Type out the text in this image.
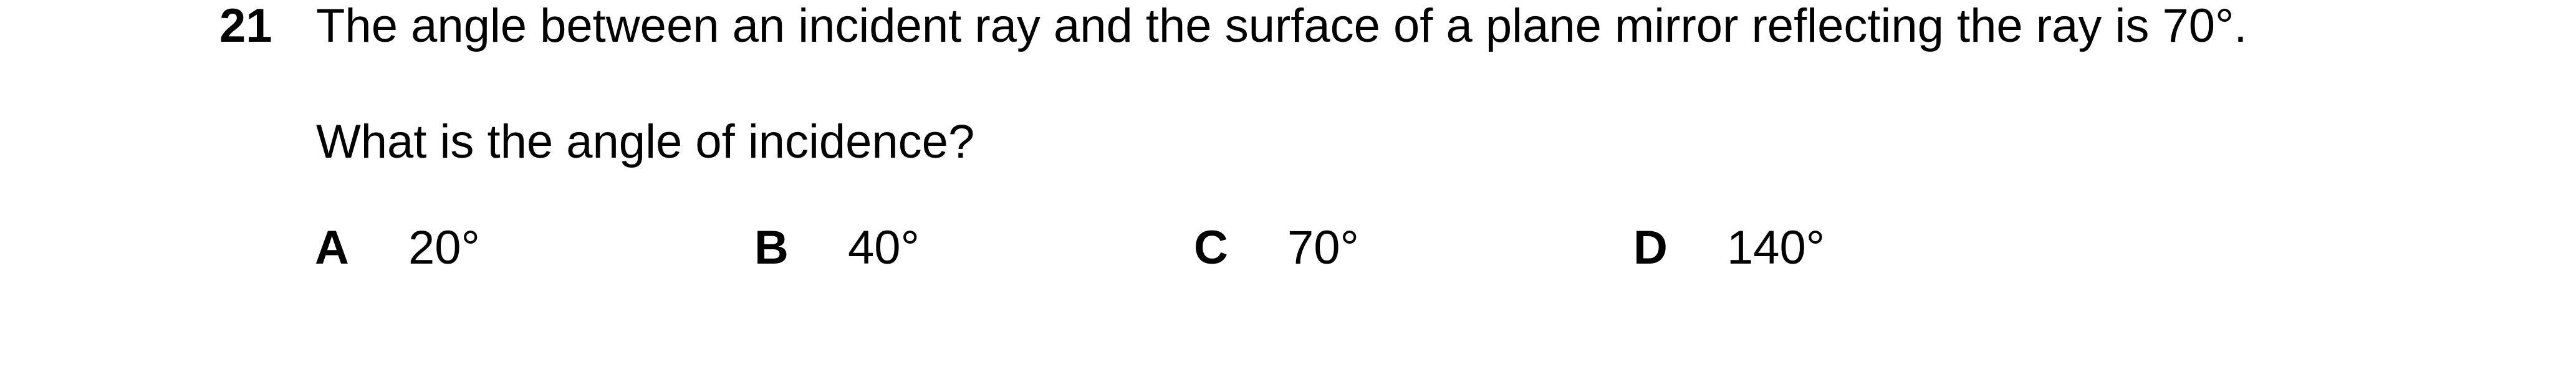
21 The angle between an incident ray and the surface of a plane mirror reflecting the ray is 70°.
What is the angle of incidence?
A 20°	B 40°	C 70°	D 140°
